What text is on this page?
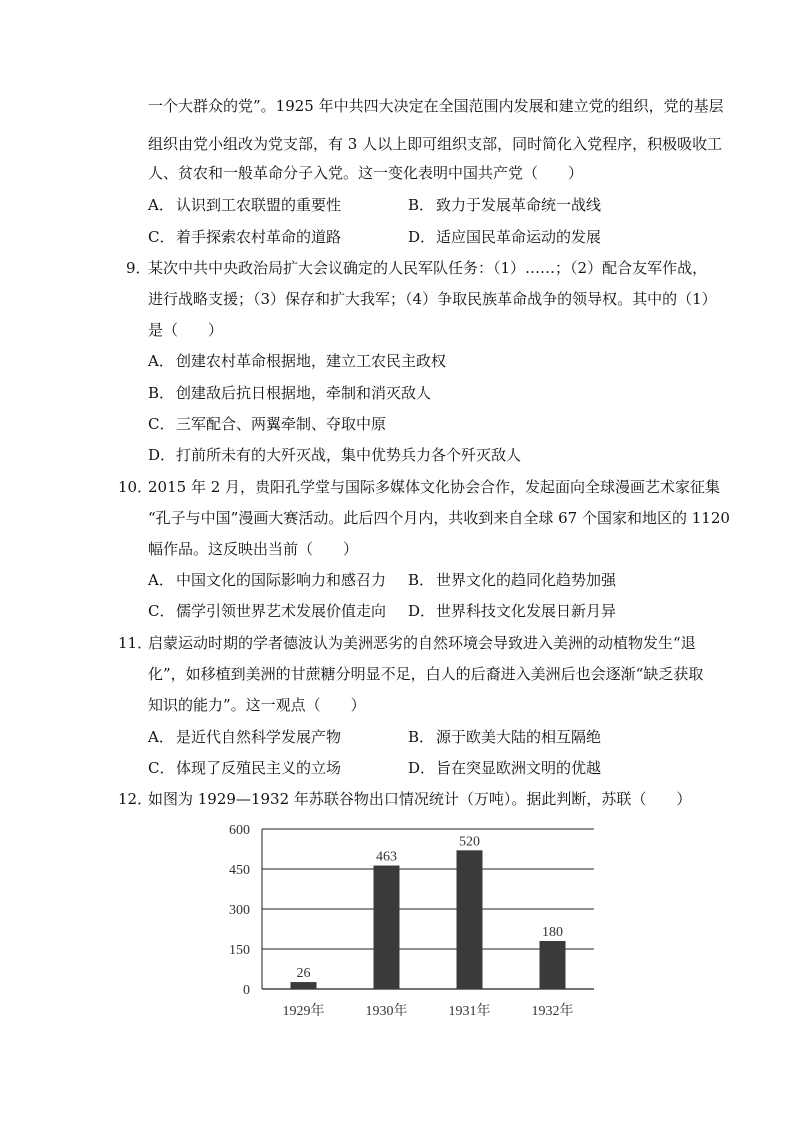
一个大群众的党”。1925 年中共四大决定在全国范围内发展和建立党的组织，党的基层
组织由党小组改为党支部，有 3 人以上即可组织支部，同时简化入党程序，积极吸收工
人、贫农和一般革命分子入党。这一变化表明中国共产党（　　）
A． 认识到工农联盟的重要性	B． 致力于发展革命统一战线
C． 着手探索农村革命的道路	D． 适应国民革命运动的发展
9．
某次中共中央政治局扩大会议确定的人民军队任务：（1）……；（2）配合友军作战，
进行战略支援；（3）保存和扩大我军；（4）争取民族革命战争的领导权。其中的（1）
是（　　）
A． 创建农村革命根据地，建立工农民主政权
B． 创建敌后抗日根据地，牵制和消灭敌人
C． 三军配合、两翼牵制、夺取中原
D． 打前所未有的大歼灭战，集中优势兵力各个歼灭敌人
10．
2015 年 2 月，贵阳孔学堂与国际多媒体文化协会合作，发起面向全球漫画艺术家征集
“孔子与中国”漫画大赛活动。此后四个月内，共收到来自全球 67 个国家和地区的 1120
幅作品。这反映出当前（　　）
A． 中国文化的国际影响力和感召力 B． 世界文化的趋同化趋势加强
C． 儒学引领世界艺术发展价值走向 D． 世界科技文化发展日新月异
11．
启蒙运动时期的学者德波认为美洲恶劣的自然环境会导致进入美洲的动植物发生“退
化”，如移植到美洲的甘蔗糖分明显不足，白人的后裔进入美洲后也会逐渐“缺乏获取
知识的能力”。这一观点（　　）
A． 是近代自然科学发展产物	B． 源于欧美大陆的相互隔绝
C． 体现了反殖民主义的立场	D． 旨在突显欧洲文明的优越
12．
如图为 1929—1932 年苏联谷物出口情况统计（万吨）。据此判断，苏联（　　）
0
150
300
450
600
26
1929年
463
1930年
520
1931年
180
1932年
